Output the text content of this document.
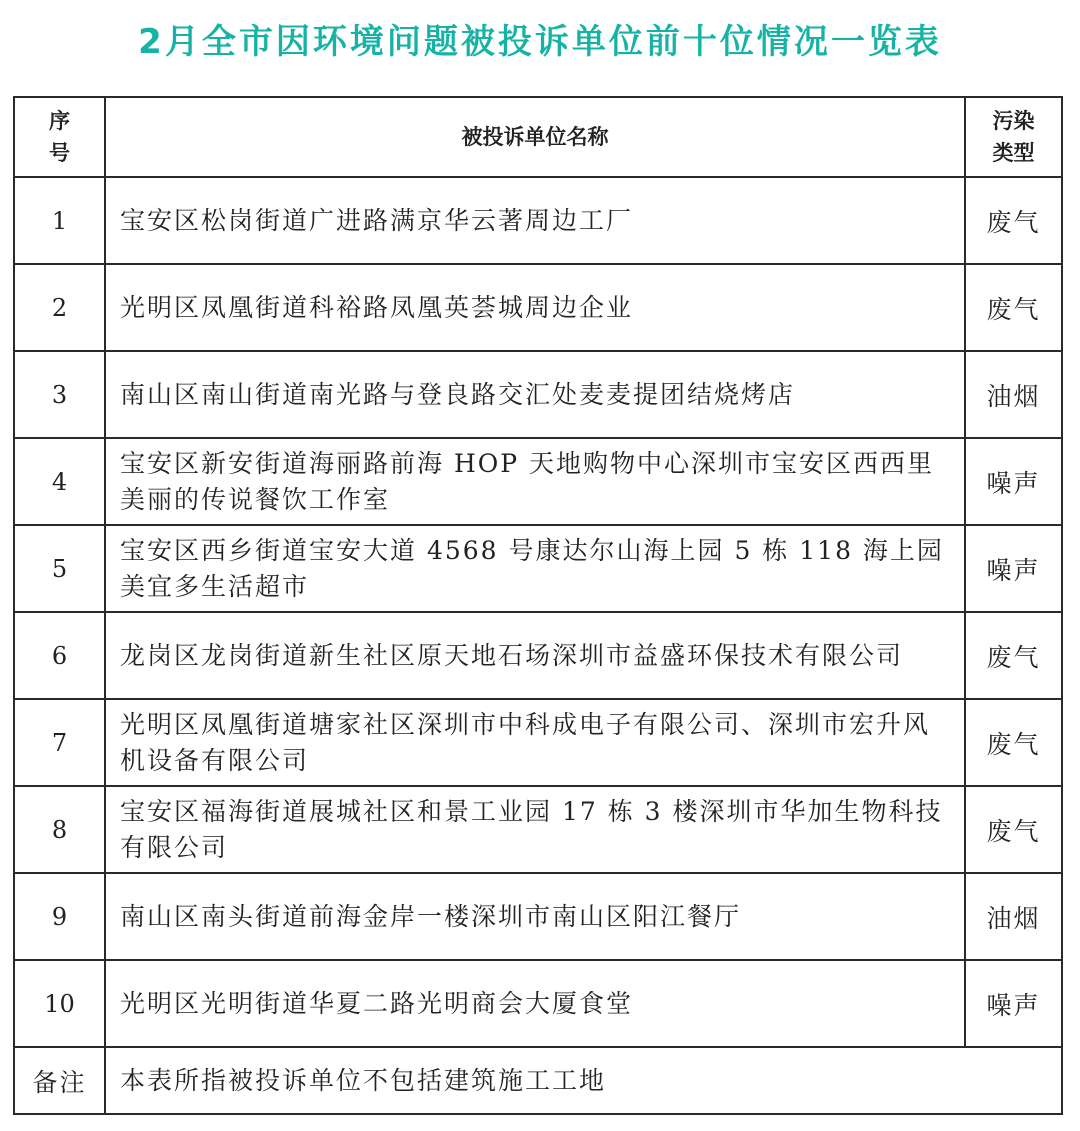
2月全市因环境问题被投诉单位前十位情况一览表
序号	被投诉单位名称	污染类型

1	宝安区松岗街道广进路满京华云著周边工厂	废气
2	光明区凤凰街道科裕路凤凰英荟城周边企业	废气
3	南山区南山街道南光路与登良路交汇处麦麦提团结烧烤店	油烟
4	宝安区新安街道海丽路前海 HOP 天地购物中心深圳市宝安区西西里美丽的传说餐饮工作室	噪声
5	宝安区西乡街道宝安大道 4568 号康达尔山海上园 5 栋 118 海上园美宜多生活超市	噪声
6	龙岗区龙岗街道新生社区原天地石场深圳市益盛环保技术有限公司	废气
7	光明区凤凰街道塘家社区深圳市中科成电子有限公司、深圳市宏升风机设备有限公司	废气
8	宝安区福海街道展城社区和景工业园 17 栋 3 楼深圳市华加生物科技有限公司	废气
9	南山区南头街道前海金岸一楼深圳市南山区阳江餐厅	油烟
10	光明区光明街道华夏二路光明商会大厦食堂	噪声
备注	本表所指被投诉单位不包括建筑施工工地	
